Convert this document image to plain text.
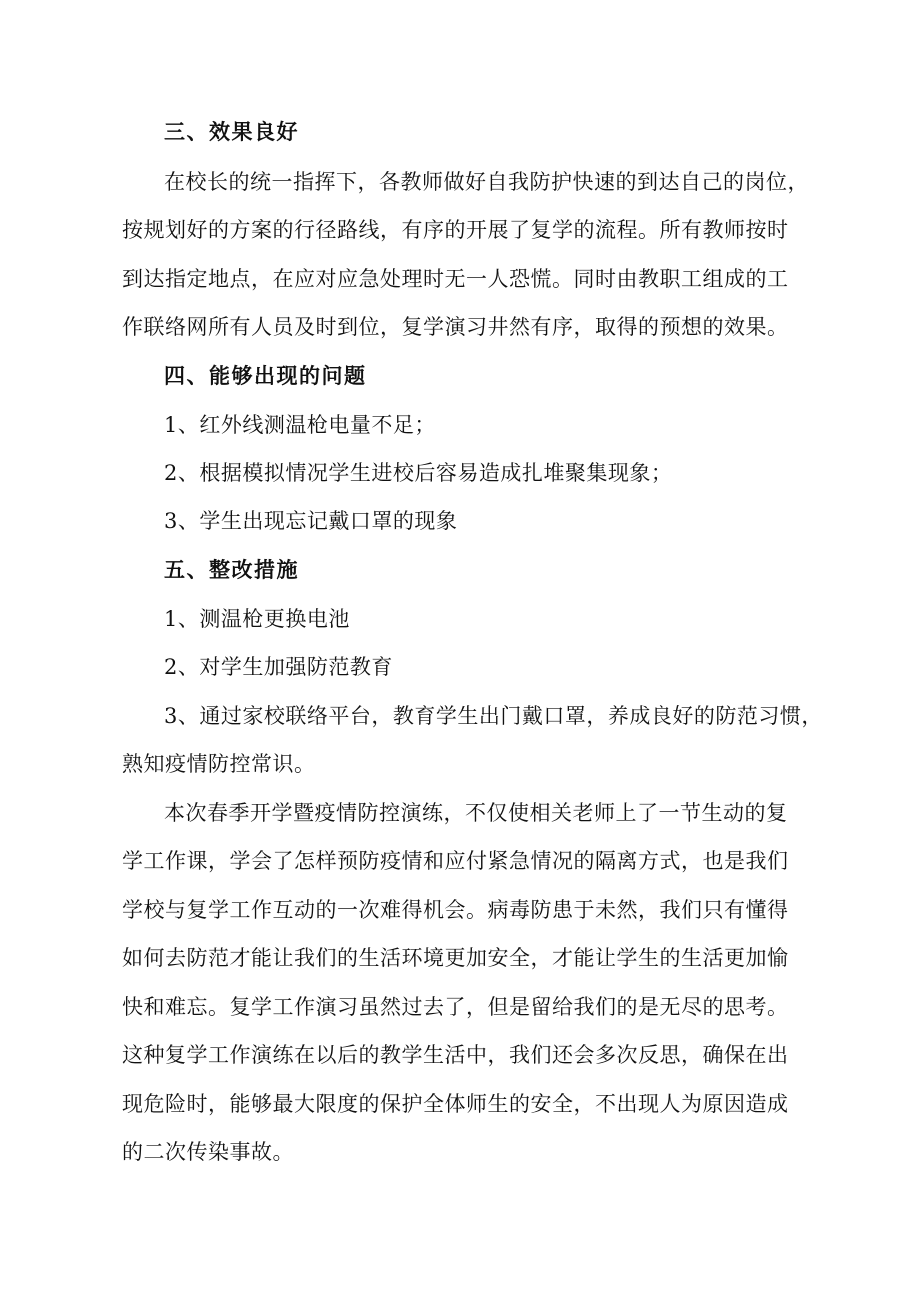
三、效果良好
在校长的统一指挥下，各教师做好自我防护快速的到达自己的岗位，
按规划好的方案的行径路线，有序的开展了复学的流程。所有教师按时
到达指定地点，在应对应急处理时无一人恐慌。同时由教职工组成的工
作联络网所有人员及时到位，复学演习井然有序，取得的预想的效果。
四、能够出现的问题
1、红外线测温枪电量不足；
2、根据模拟情况学生进校后容易造成扎堆聚集现象；
3、学生出现忘记戴口罩的现象
五、整改措施
1、测温枪更换电池
2、对学生加强防范教育
3、通过家校联络平台，教育学生出门戴口罩，养成良好的防范习惯，
熟知疫情防控常识。
本次春季开学暨疫情防控演练，不仅使相关老师上了一节生动的复
学工作课，学会了怎样预防疫情和应付紧急情况的隔离方式，也是我们
学校与复学工作互动的一次难得机会。病毒防患于未然，我们只有懂得
如何去防范才能让我们的生活环境更加安全，才能让学生的生活更加愉
快和难忘。复学工作演习虽然过去了，但是留给我们的是无尽的思考。
这种复学工作演练在以后的教学生活中，我们还会多次反思，确保在出
现危险时，能够最大限度的保护全体师生的安全，不出现人为原因造成
的二次传染事故。
